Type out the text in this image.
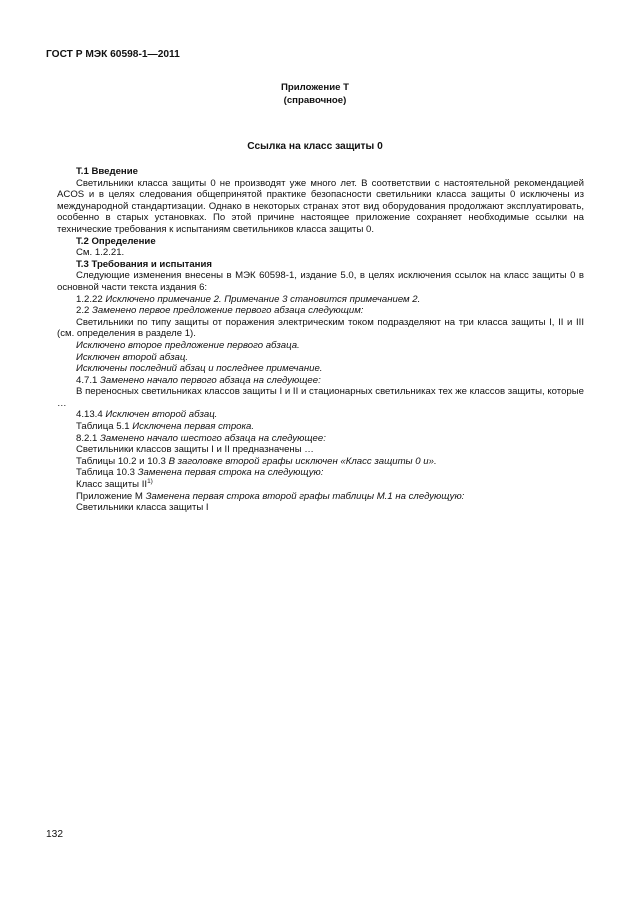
ГОСТ Р МЭК 60598-1—2011
Приложение Т
(справочное)
Ссылка на класс защиты 0

Т.1 Введение

Светильники класса защиты 0 не производят уже много лет. В соответствии с настоятельной рекомендацией ACOS и в целях следования общепринятой практике безопасности светильники класса защиты 0 исключены из международной стандартизации. Однако в некоторых странах этот вид оборудования продолжают эксплуатировать, особенно в старых установках. По этой причине настоящее приложение сохраняет необходимые ссылки на технические требования к испытаниям светильников класса защиты 0.

Т.2 Определение

См. 1.2.21.

Т.3 Требования и испытания

Следующие изменения внесены в МЭК 60598-1, издание 5.0, в целях исключения ссылок на класс защиты 0 в основной части текста издания 6:

1.2.22 Исключено примечание 2. Примечание 3 становится примечанием 2.

2.2 Заменено первое предложение первого абзаца следующим:

Светильники по типу защиты от поражения электрическим током подразделяют на три класса защиты I, II и III (см. определения в разделе 1).

Исключено второе предложение первого абзаца.

Исключен второй абзац.

Исключены последний абзац и последнее примечание.

4.7.1 Заменено начало первого абзаца на следующее:

В переносных светильниках классов защиты I и II и стационарных светильниках тех же классов защиты, которые …

4.13.4 Исключен второй абзац.

Таблица 5.1 Исключена первая строка.

8.2.1 Заменено начало шестого абзаца на следующее:

Светильники классов защиты I и II предназначены …

Таблицы 10.2 и 10.3 В заголовке второй графы исключен «Класс защиты 0 и».

Таблица 10.3 Заменена первая строка на следующую:

Класс защиты II$^{1)}$

Приложение М Заменена первая строка второй графы таблицы М.1 на следующую:

Светильники класса защиты I

132
